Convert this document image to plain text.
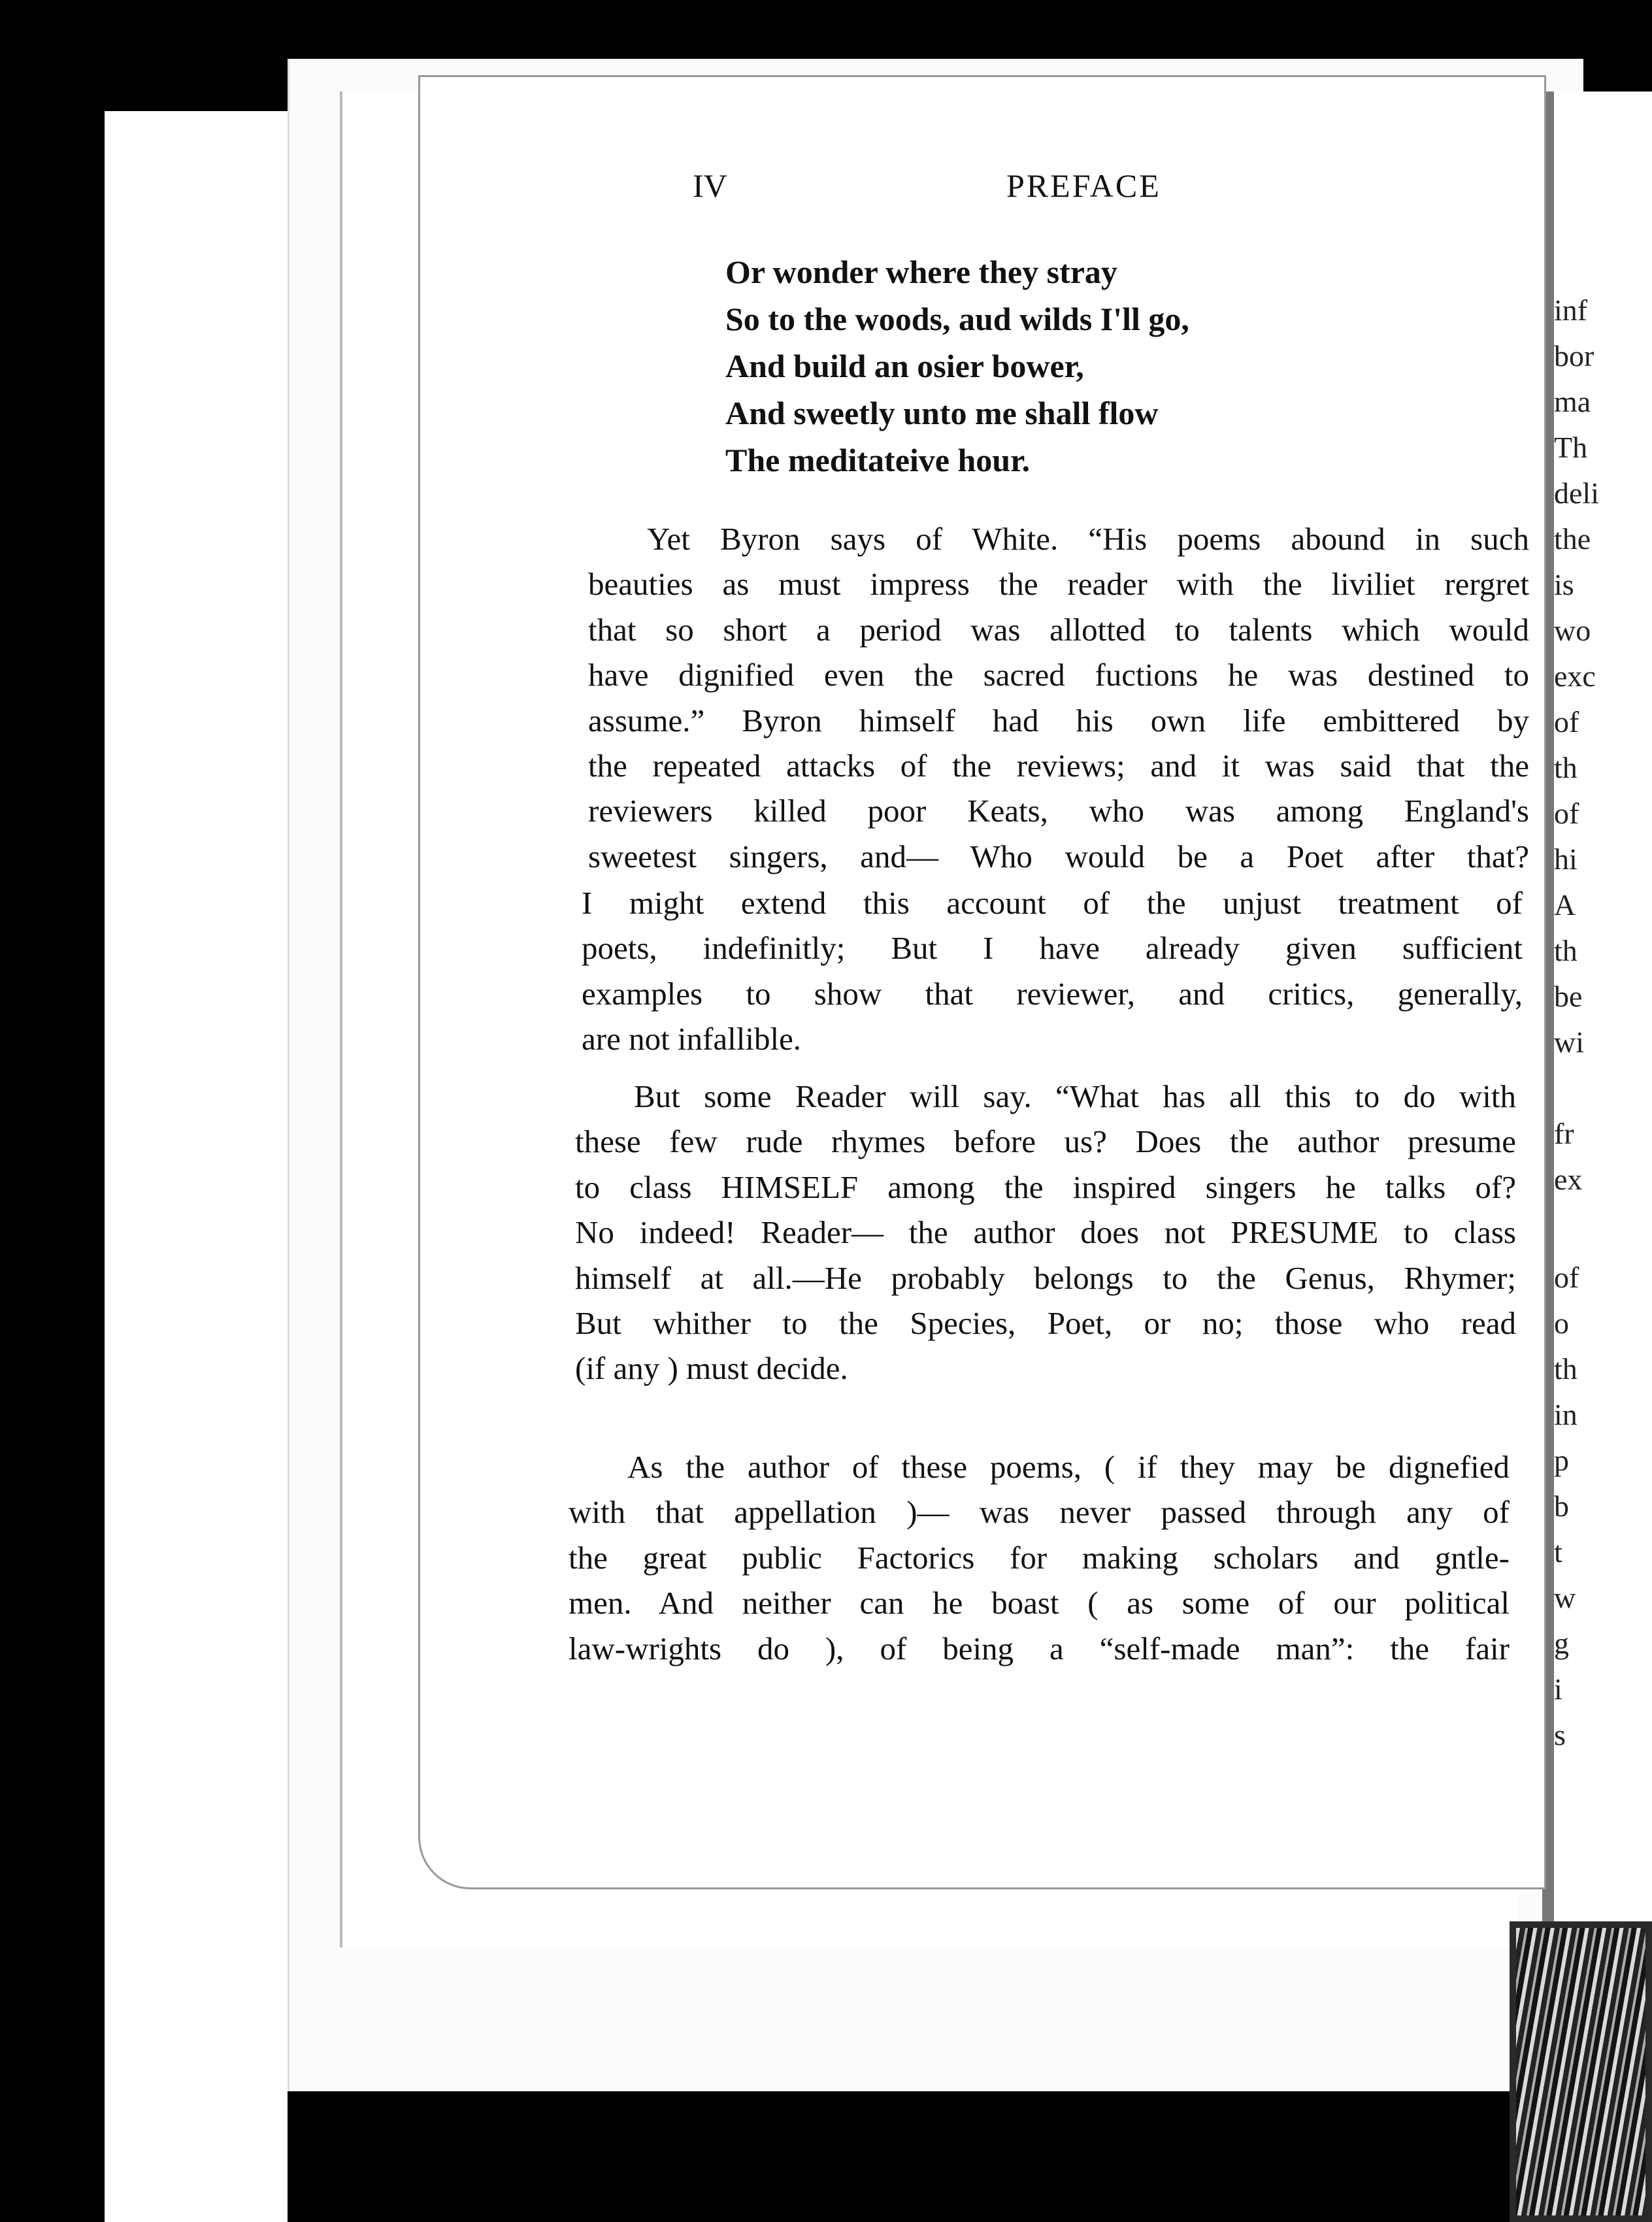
inf
bor
ma
Th
deli
the
is
wo
exc
of
th
of
hi
A
th
be
wi

fr
ex
of
o
th
in
p
b
t
w
g
i
s
IV	PREFACE
Or wonder where they stray
So to the woods, aud wilds I'll go,
And build an osier bower,
And sweetly unto me shall flow
The meditateive hour.
Yet Byron says of White. “His poems abound in such
beauties as must impress the reader with the liviliet rergret
that so short a period was allotted to talents which would
have dignified even the sacred fuctions he was destined to
assume.” Byron himself had his own life embittered by
the repeated attacks of the reviews; and it was said that the
reviewers killed poor Keats, who was among England's
sweetest singers, and— Who would be a Poet after that?
I might extend this account of the unjust treatment of
poets, indefinitly; But I have already given sufficient
examples to show that reviewer, and critics, generally,
are not infallible.
But some Reader will say. “What has all this to do with
these few rude rhymes before us? Does the author presume
to class HIMSELF among the inspired singers he talks of?
No indeed! Reader— the author does not PRESUME to class
himself at all.—He probably belongs to the Genus, Rhymer;
But whither to the Species, Poet, or no; those who read
(if any ) must decide.
As the author of these poems, ( if they may be dignefied
with that appellation )— was never passed through any of
the great public Factorics for making scholars and gntle-
men. And neither can he boast ( as some of our political
law-wrights do ), of being a “self-made man”: the fair
